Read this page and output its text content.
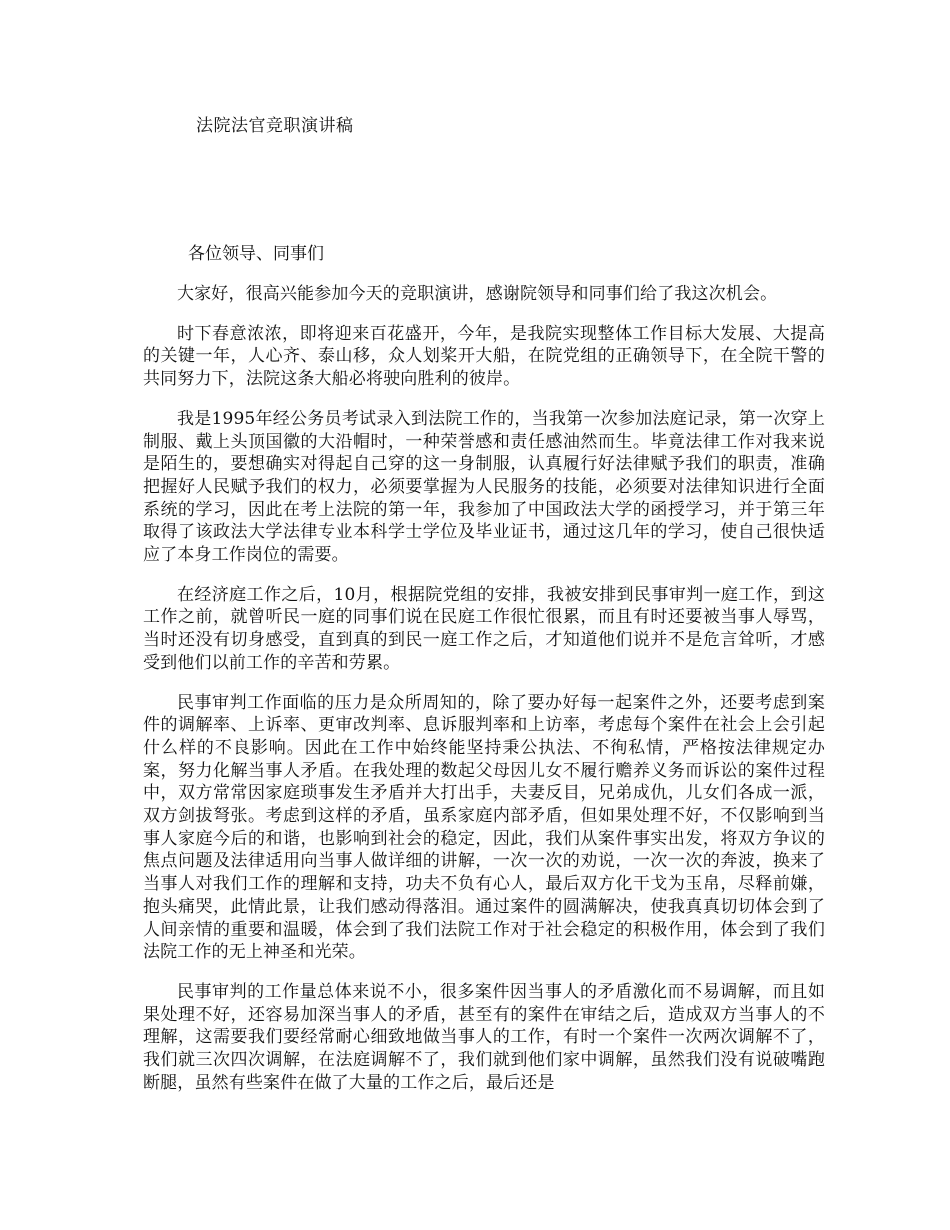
法院法官竞职演讲稿

各位领导、同事们

大家好，很高兴能参加今天的竞职演讲，感谢院领导和同事们给了我这次机会。

时下春意浓浓，即将迎来百花盛开，今年，是我院实现整体工作目标大发展、大提高的关键一年，人心齐、泰山移，众人划桨开大船，在院党组的正确领导下，在全院干警的共同努力下，法院这条大船必将驶向胜利的彼岸。

我是1995年经公务员考试录入到法院工作的，当我第一次参加法庭记录，第一次穿上制服、戴上头顶国徽的大沿帽时，一种荣誉感和责任感油然而生。毕竟法律工作对我来说是陌生的，要想确实对得起自己穿的这一身制服，认真履行好法律赋予我们的职责，准确把握好人民赋予我们的权力，必须要掌握为人民服务的技能，必须要对法律知识进行全面系统的学习，因此在考上法院的第一年，我参加了中国政法大学的函授学习，并于第三年取得了该政法大学法律专业本科学士学位及毕业证书，通过这几年的学习，使自己很快适应了本身工作岗位的需要。

在经济庭工作之后，10月，根据院党组的安排，我被安排到民事审判一庭工作，到这工作之前，就曾听民一庭的同事们说在民庭工作很忙很累，而且有时还要被当事人辱骂，当时还没有切身感受，直到真的到民一庭工作之后，才知道他们说并不是危言耸听，才感受到他们以前工作的辛苦和劳累。

民事审判工作面临的压力是众所周知的，除了要办好每一起案件之外，还要考虑到案件的调解率、上诉率、更审改判率、息诉服判率和上访率，考虑每个案件在社会上会引起什么样的不良影响。因此在工作中始终能坚持秉公执法、不徇私情，严格按法律规定办案，努力化解当事人矛盾。在我处理的数起父母因儿女不履行赡养义务而诉讼的案件过程中，双方常常因家庭琐事发生矛盾并大打出手，夫妻反目，兄弟成仇，儿女们各成一派，双方剑拔弩张。考虑到这样的矛盾，虽系家庭内部矛盾，但如果处理不好，不仅影响到当事人家庭今后的和谐，也影响到社会的稳定，因此，我们从案件事实出发，将双方争议的焦点问题及法律适用向当事人做详细的讲解，一次一次的劝说，一次一次的奔波，换来了当事人对我们工作的理解和支持，功夫不负有心人，最后双方化干戈为玉帛，尽释前嫌，抱头痛哭，此情此景，让我们感动得落泪。通过案件的圆满解决，使我真真切切体会到了人间亲情的重要和温暖，体会到了我们法院工作对于社会稳定的积极作用，体会到了我们法院工作的无上神圣和光荣。

民事审判的工作量总体来说不小，很多案件因当事人的矛盾激化而不易调解，而且如果处理不好，还容易加深当事人的矛盾，甚至有的案件在审结之后，造成双方当事人的不理解，这需要我们要经常耐心细致地做当事人的工作，有时一个案件一次两次调解不了，我们就三次四次调解，在法庭调解不了，我们就到他们家中调解，虽然我们没有说破嘴跑断腿，虽然有些案件在做了大量的工作之后，最后还是
